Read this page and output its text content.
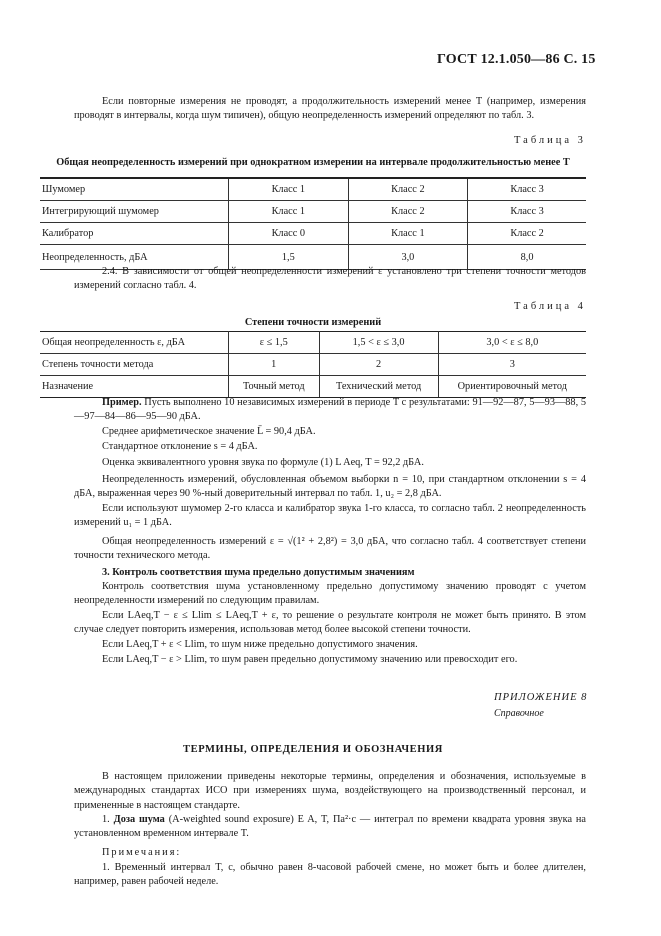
ГОСТ 12.1.050—86 С. 15

Если повторные измерения не проводят, а продолжительность измерений менее T (например, измерения проводят в интервалы, когда шум типичен), общую неопределенность измерений определяют по табл. 3.

Таблица 3
Общая неопределенность измерений при однократном измерении на интервале продолжительностью менее T
Шумомер	Класс 1	Класс 2	Класс 3
Интегрирующий шумомер	Класс 1	Класс 2	Класс 3
Калибратор	Класс 0	Класс 1	Класс 2
Неопределенность, дБА	1,5	3,0	8,0

2.4. В зависимости от общей неопределенности измерений ε установлено три степени точности методов измерений согласно табл. 4.

Таблица 4
Степени точности измерений
Общая неопределенность ε, дБА	ε ≤ 1,5	1,5 < ε ≤ 3,0	3,0 < ε ≤ 8,0
Степень точности метода	1	2	3
Назначение	Точный метод	Технический метод	Ориентировочный метод

Пример. Пусть выполнено 10 независимых измерений в периоде T с результатами: 91—92—87, 5—93—88, 5—97—84—86—95—90 дБА.

Среднее арифметическое значение L̄ = 90,4 дБА.

Стандартное отклонение s = 4 дБА.

Оценка эквивалентного уровня звука по формуле (1) L Aeq, T = 92,2 дБА.

Неопределенность измерений, обусловленная объемом выборки n = 10, при стандартном отклонении s = 4 дБА, выраженная через 90 %-ный доверительный интервал по табл. 1, u₂ = 2,8 дБА.

Если используют шумомер 2-го класса и калибратор звука 1-го класса, то согласно табл. 2 неопределенность измерений u₁ = 1 дБА.

Общая неопределенность измерений ε = √(1² + 2,8²) = 3,0 дБА, что согласно табл. 4 соответствует степени точности технического метода.

3. Контроль соответствия шума предельно допустимым значениям

Контроль соответствия шума установленному предельно допустимому значению проводят с учетом неопределенности измерений по следующим правилам.

Если LAeq,T − ε ≤ Llim ≤ LAeq,T + ε, то решение о результате контроля не может быть принято. В этом случае следует повторить измерения, использовав метод более высокой степени точности.

Если LAeq,T + ε < Llim, то шум ниже предельно допустимого значения.

Если LAeq,T − ε > Llim, то шум равен предельно допустимому значению или превосходит его.

ПРИЛОЖЕНИЕ 8
Справочное
ТЕРМИНЫ, ОПРЕДЕЛЕНИЯ И ОБОЗНАЧЕНИЯ

В настоящем приложении приведены некоторые термины, определения и обозначения, используемые в международных стандартах ИСО при измерениях шума, воздействующего на производственный персонал, и примененные в настоящем стандарте.

1. Доза шума (A-weighted sound exposure) E A, T, Па²·с — интеграл по времени квадрата уровня звука на установленном временном интервале T.

Примечания:

1. Временный интервал T, с, обычно равен 8-часовой рабочей смене, но может быть и более длителен, например, равен рабочей неделе.
